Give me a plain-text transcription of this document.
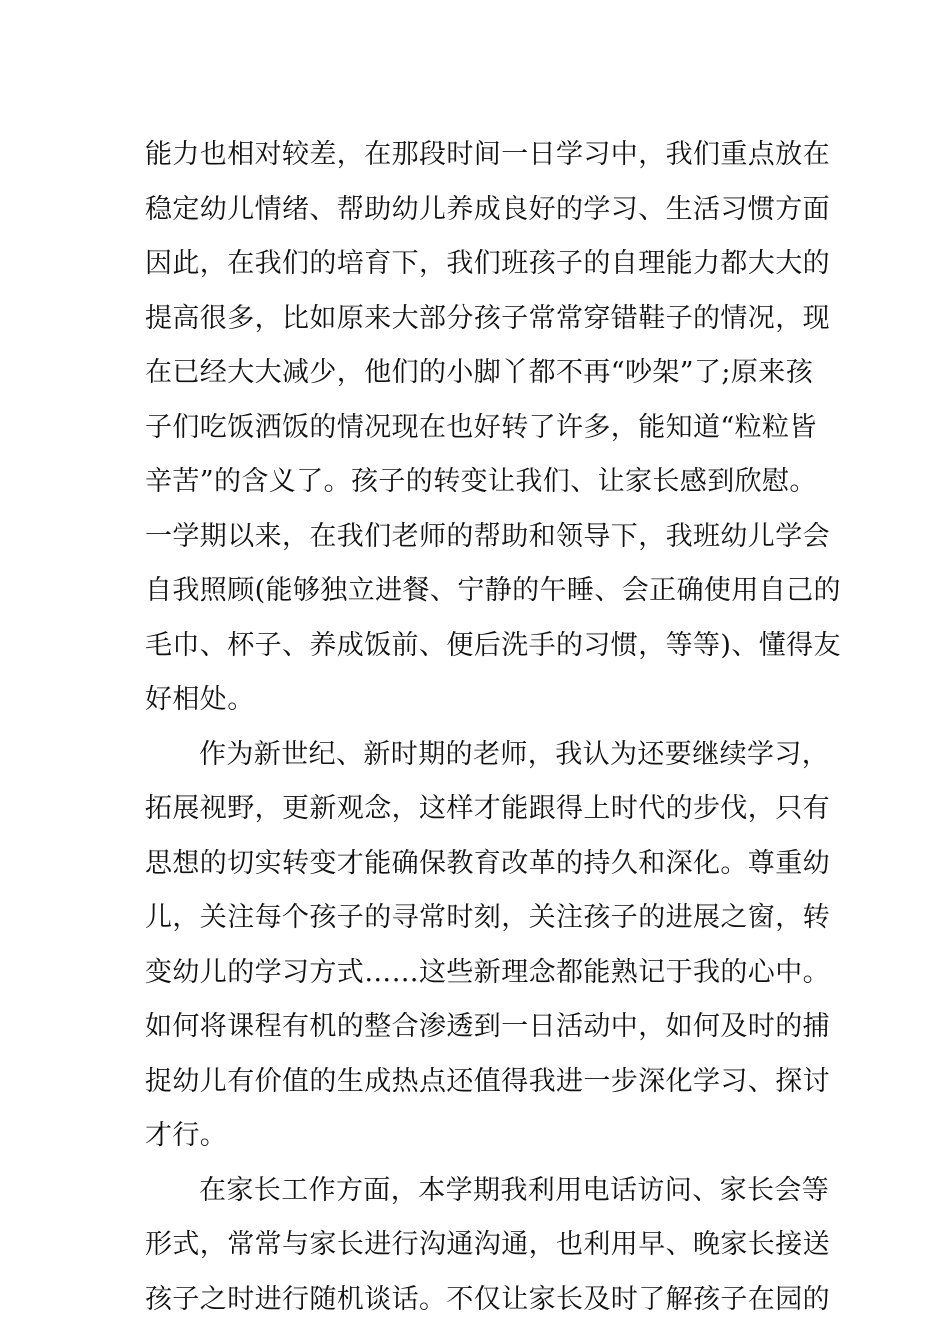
能力也相对较差，在那段时间一日学习中，我们重点放在
稳定幼儿情绪、帮助幼儿养成良好的学习、生活习惯方面
因此，在我们的培育下，我们班孩子的自理能力都大大的
提高很多，比如原来大部分孩子常常穿错鞋子的情况，现
在已经大大减少，他们的小脚丫都不再“吵架”了;原来孩
子们吃饭洒饭的情况现在也好转了许多，能知道“粒粒皆
辛苦”的含义了。孩子的转变让我们、让家长感到欣慰。
一学期以来，在我们老师的帮助和领导下，我班幼儿学会
自我照顾(能够独立进餐、宁静的午睡、会正确使用自己的
毛巾、杯子、养成饭前、便后洗手的习惯，等等)、懂得友
好相处。
作为新世纪、新时期的老师，我认为还要继续学习，
拓展视野，更新观念，这样才能跟得上时代的步伐，只有
思想的切实转变才能确保教育改革的持久和深化。尊重幼
儿，关注每个孩子的寻常时刻，关注孩子的进展之窗，转
变幼儿的学习方式……这些新理念都能熟记于我的心中。
如何将课程有机的整合渗透到一日活动中，如何及时的捕
捉幼儿有价值的生成热点还值得我进一步深化学习、探讨
才行。
在家长工作方面，本学期我利用电话访问、家长会等
形式，常常与家长进行沟通沟通，也利用早、晚家长接送
孩子之时进行随机谈话。不仅让家长及时了解孩子在园的
